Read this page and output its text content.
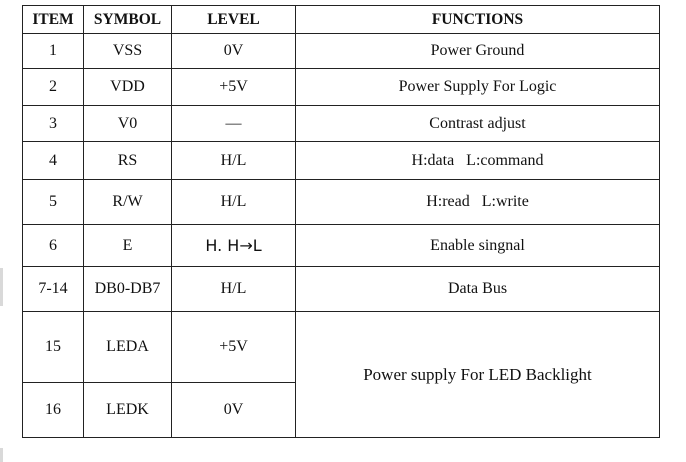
ITEM	SYMBOL	LEVEL	FUNCTIONS
1	VSS	0V	Power Ground
2	VDD	+5V	Power Supply For Logic
3	V0	—	Contrast adjust
4	RS	H/L	H:data   L:command
5	R/W	H/L	H:read   L:write
6	E	H. H→L	Enable singnal
7-14	DB0-DB7	H/L	Data Bus
15	LEDA	+5V	Power supply For LED Backlight
16	LEDK	0V	
